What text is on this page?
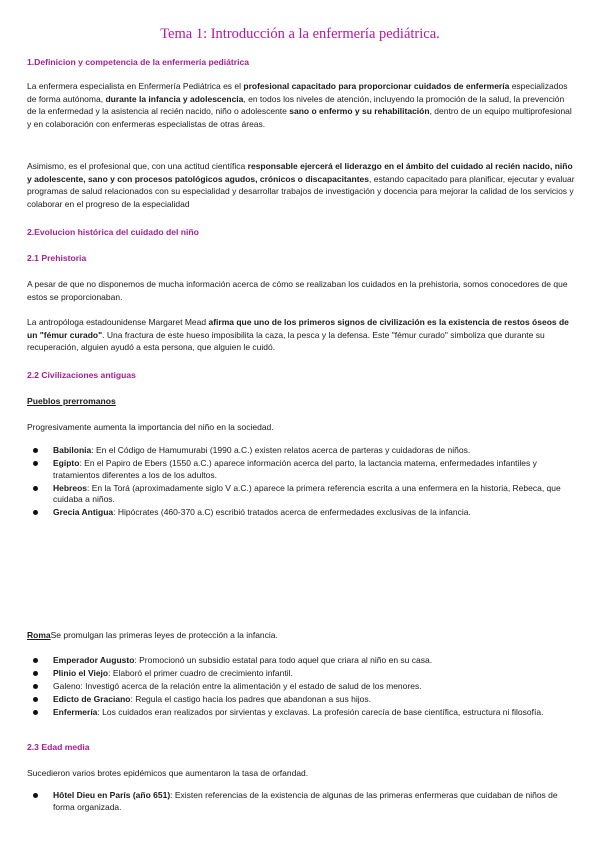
Tema 1: Introducción a la enfermería pediátrica.
1.Definicion y competencia de la enfermería pediátrica

La enfermera especialista en Enfermería Pediátrica es el profesional capacitado para proporcionar cuidados de enfermería especializados de forma autónoma, durante la infancia y adolescencia, en todos los niveles de atención, incluyendo la promoción de la salud, la prevención de la enfermedad y la asistencia al recién nacido, niño o adolescente sano o enfermo y su rehabilitación, dentro de un equipo multiprofesional y en colaboración con enfermeras especialistas de otras áreas.

Asimismo, es el profesional que, con una actitud científica responsable ejercerá el liderazgo en el ámbito del cuidado al recién nacido, niño y adolescente, sano y con procesos patológicos agudos, crónicos o discapacitantes, estando capacitado para planificar, ejecutar y evaluar programas de salud relacionados con su especialidad y desarrollar trabajos de investigación y docencia para mejorar la calidad de los servicios y colaborar en el progreso de la especialidad

2.Evolucion histórica del cuidado del niño
2.1 Prehistoria

A pesar de que no disponemos de mucha información acerca de cómo se realizaban los cuidados en la prehistoria, somos conocedores de que estos se proporcionaban.

La antropóloga estadounidense Margaret Mead afirma que uno de los primeros signos de civilización es la existencia de restos óseos de un "fémur curado". Una fractura de este hueso imposibilita la caza, la pesca y la defensa. Este "fémur curado" simboliza que durante su recuperación, alguien ayudó a esta persona, que alguien le cuidó.

2.2 Civilizaciones antiguas
Pueblos prerromanos

Progresivamente aumenta la importancia del niño en la sociedad.

Babilonia: En el Código de Hamumurabi (1990 a.C.) existen relatos acerca de parteras y cuidadoras de niños.
Egipto: En el Papiro de Ebers (1550 a.C.) aparece información acerca del parto, la lactancia materna, enfermedades infantiles y tratamientos diferentes a los de los adultos.
Hebreos: En la Torá (aproximadamente siglo V a.C.) aparece la primera referencia escrita a una enfermera en la historia, Rebeca, que cuidaba a niños.
Grecia Antigua: Hipócrates (460-370 a.C) escribió tratados acerca de enfermedades exclusivas de la infancia.
RomaSe promulgan las primeras leyes de protección a la infancia.
Emperador Augusto: Promocionó un subsidio estatal para todo aquel que criara al niño en su casa.
Plinio el Viejo: Elaboró el primer cuadro de crecimiento infantil.
Galeno: Investigó acerca de la relación entre la alimentación y el estado de salud de los menores.
Edicto de Graciano: Regula el castigo hacia los padres que abandonan a sus hijos.
Enfermería: Los cuidados eran realizados por sirvientas y exclavas. La profesión carecía de base científica, estructura ni filosofía.
2.3 Edad media

Sucedieron varios brotes epidémicos que aumentaron la tasa de orfandad.

Hôtel Dieu en París (año 651): Existen referencias de la existencia de algunas de las primeras enfermeras que cuidaban de niños de forma organizada.
